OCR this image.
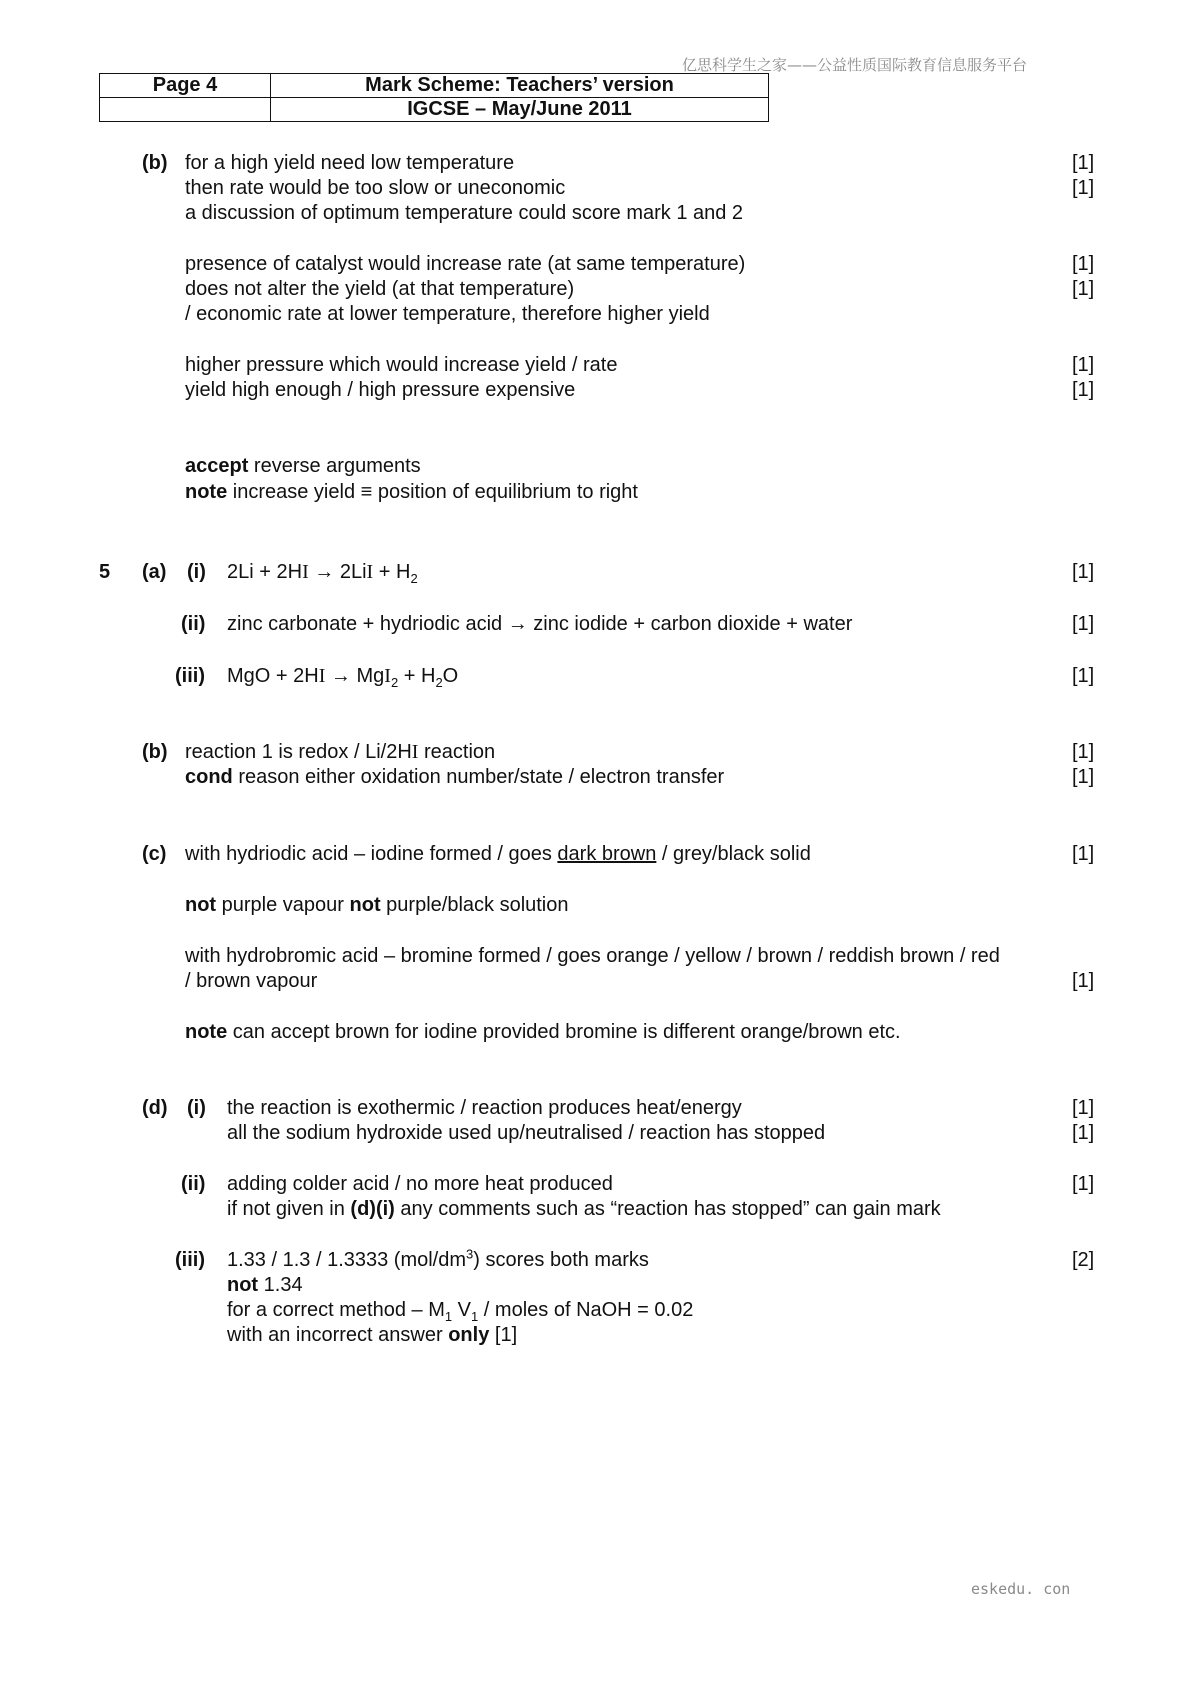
亿思科学生之家——公益性质国际教育信息服务平台
Page 4	Mark Scheme: Teachers’ version
	IGCSE – May/June 2011
(b) for a high yield need low temperature	[1]
then rate would be too slow or uneconomic	[1]
a discussion of optimum temperature could score mark 1 and 2
presence of catalyst would increase rate (at same temperature)	[1]
does not alter the yield (at that temperature)	[1]
/ economic rate at lower temperature, therefore higher yield
higher pressure which would increase yield / rate	[1]
yield high enough / high pressure expensive	[1]
accept reverse arguments
note increase yield ≡ position of equilibrium to right
5 (a) (i) $2Li + 2HI \to 2LiI + H_2$	[1]
(ii) zinc carbonate + hydriodic acid → zinc iodide + carbon dioxide + water	[1]
(iii) MgO + $2HI \to MgI_2 + H_2O$	[1]
(b) reaction 1 is redox / Li/2HI reaction	[1]
cond reason either oxidation number/state / electron transfer	[1]
(c) with hydriodic acid – iodine formed / goes dark brown / grey/black solid	[1]
not purple vapour not purple/black solution
with hydrobromic acid – bromine formed / goes orange / yellow / brown / reddish brown / red
/ brown vapour	[1]
note can accept brown for iodine provided bromine is different orange/brown etc.
(d) (i) the reaction is exothermic / reaction produces heat/energy	[1]
all the sodium hydroxide used up/neutralised / reaction has stopped	[1]
(ii) adding colder acid / no more heat produced	[1]
if not given in (d)(i) any comments such as “reaction has stopped” can gain mark
(iii) 1.33 / 1.3 / 1.3333 $(mol/dm^3)$ scores both marks	[2]
not 1.34
for a correct method – $M_1$ $V_1$ / moles of NaOH = 0.02
with an incorrect answer only [1]
eskedu. con
